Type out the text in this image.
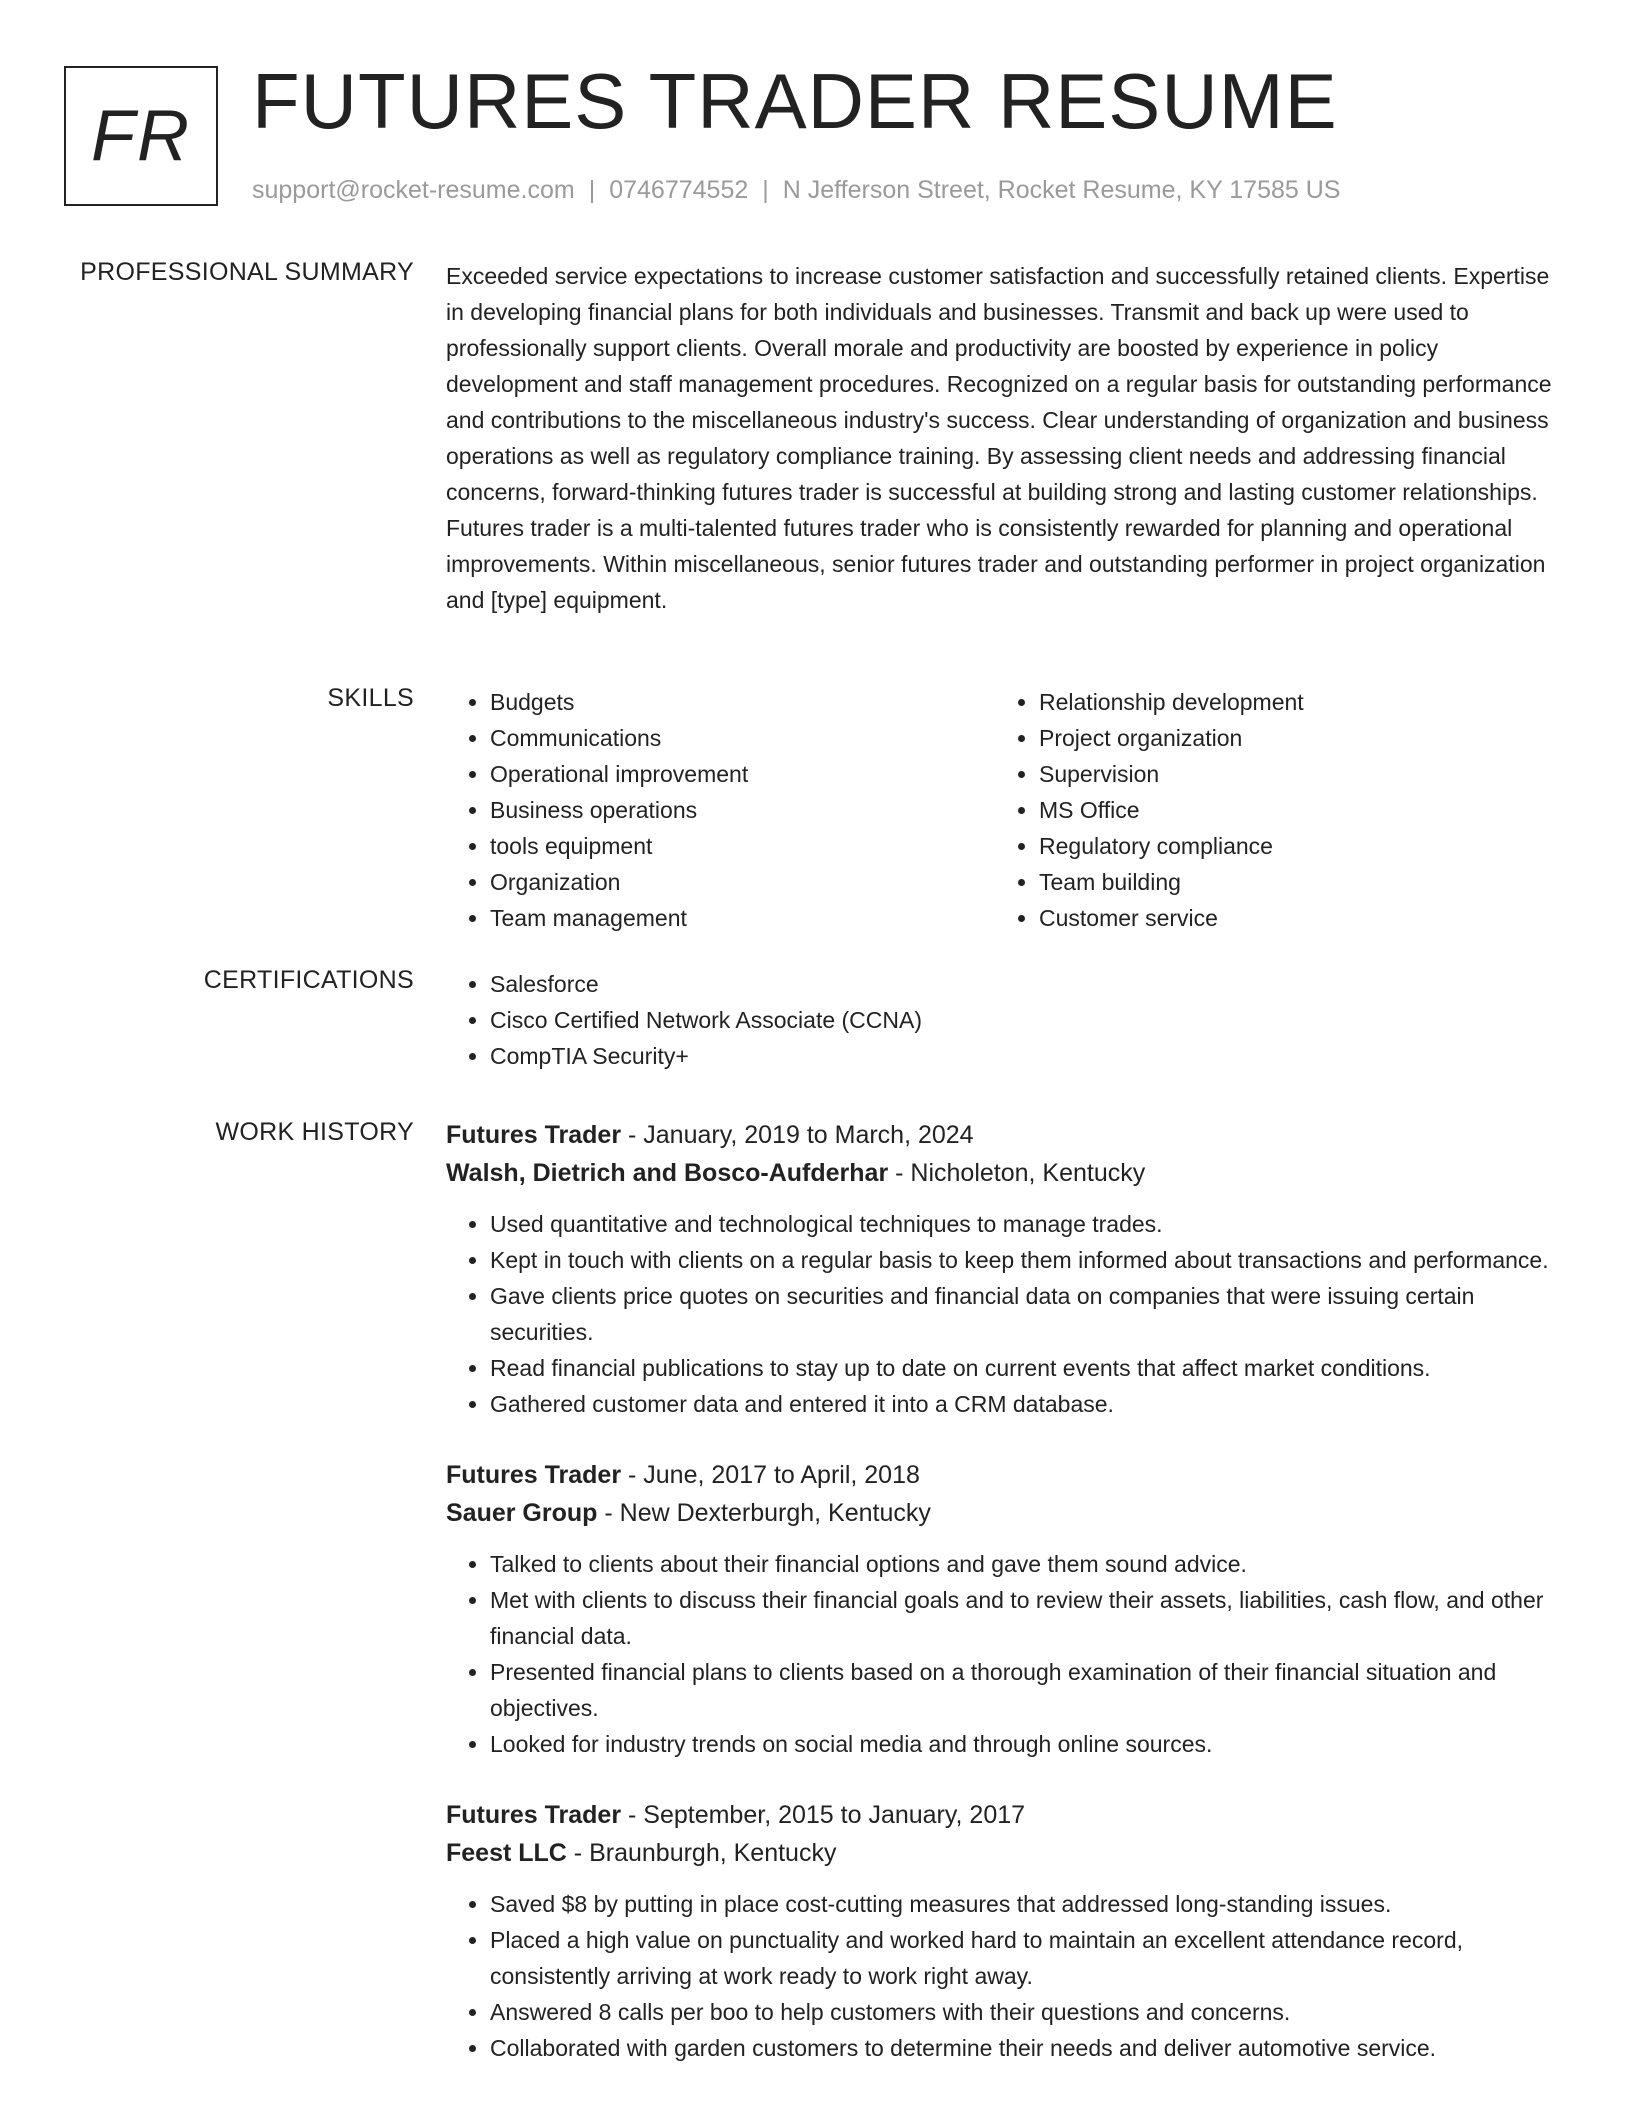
FR FUTURES TRADER RESUME
support@rocket-resume.com | 0746774552 | N Jefferson Street, Rocket Resume, KY 17585 US
PROFESSIONAL SUMMARY Exceeded service expectations to increase customer satisfaction and successfully retained clients. Expertise in developing financial plans for both individuals and businesses. Transmit and back up were used to professionally support clients. Overall morale and productivity are boosted by experience in policy development and staff management procedures. Recognized on a regular basis for outstanding performance and contributions to the miscellaneous industry's success. Clear understanding of organization and business operations as well as regulatory compliance training. By assessing client needs and addressing financial concerns, forward-thinking futures trader is successful at building strong and lasting customer relationships. Futures trader is a multi-talented futures trader who is consistently rewarded for planning and operational improvements. Within miscellaneous, senior futures trader and outstanding performer in project organization and [type] equipment.

SKILLS	• Budgets
• Communications
• Operational improvement
• Business operations
• tools equipment
• Organization
• Team management
• Relationship development
• Project organization
• Supervision
• MS Office
• Regulatory compliance
• Team building
• Customer service
CERTIFICATIONS	• Salesforce
• Cisco Certified Network Associate (CCNA)
• CompTIA Security+
WORK HISTORY Futures Trader - January, 2019 to March, 2024
Walsh, Dietrich and Bosco-Aufderhar - Nicholeton, Kentucky
• Used quantitative and technological techniques to manage trades.
• Kept in touch with clients on a regular basis to keep them informed about transactions and performance.
• Gave clients price quotes on securities and financial data on companies that were issuing certain securities.
• Read financial publications to stay up to date on current events that affect market conditions.
• Gathered customer data and entered it into a CRM database.
Futures Trader - June, 2017 to April, 2018
Sauer Group - New Dexterburgh, Kentucky
• Talked to clients about their financial options and gave them sound advice.
• Met with clients to discuss their financial goals and to review their assets, liabilities, cash flow, and other financial data.
• Presented financial plans to clients based on a thorough examination of their financial situation and objectives.
• Looked for industry trends on social media and through online sources.
Futures Trader - September, 2015 to January, 2017
Feest LLC - Braunburgh, Kentucky
• Saved $8 by putting in place cost-cutting measures that addressed long-standing issues.
• Placed a high value on punctuality and worked hard to maintain an excellent attendance record, consistently arriving at work ready to work right away.
• Answered 8 calls per boo to help customers with their questions and concerns.
• Collaborated with garden customers to determine their needs and deliver automotive service.
